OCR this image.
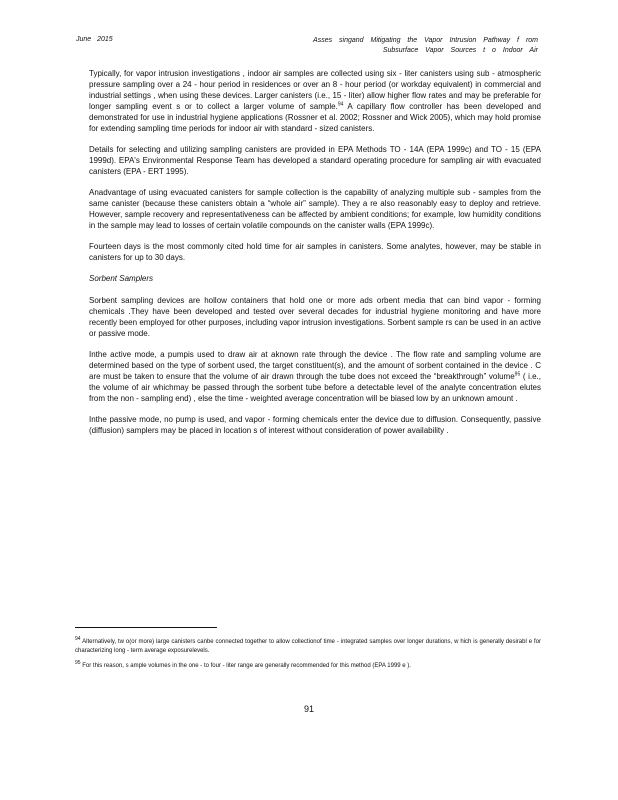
June 2015	Asses singand Mitigating the Vapor Intrusion Pathway f rom
Subsurface Vapor Sources t o Indoor Air

Typically, for vapor intrusion investigations , indoor air samples are collected using six - liter canisters using sub - atmospheric pressure sampling over a 24 - hour period in residences or over an 8 - hour period (or workday equivalent) in commercial and industrial settings , when using these devices. Larger canisters (i.e., 15 - liter) allow higher flow rates and may be preferable for longer sampling event s or to collect a larger volume of sample.$^{94}$ A capillary flow controller has been developed and demonstrated for use in industrial hygiene applications (Rossner et al. 2002; Rossner and Wick 2005), which may hold promise for extending sampling time periods for indoor air with standard - sized canisters.

Details for selecting and utilizing sampling canisters are provided in EPA Methods TO - 14A (EPA 1999c) and TO - 15 (EPA 1999d). EPA's Environmental Response Team has developed a standard operating procedure for sampling air with evacuated canisters (EPA - ERT 1995).

Anadvantage of using evacuated canisters for sample collection is the capability of analyzing multiple sub - samples from the same canister (because these canisters obtain a “whole air” sample). They a re also reasonably easy to deploy and retrieve. However, sample recovery and representativeness can be affected by ambient conditions; for example, low humidity conditions in the sample may lead to losses of certain volatile compounds on the canister walls (EPA 1999c).

Fourteen days is the most commonly cited hold time for air samples in canisters. Some analytes, however, may be stable in canisters for up to 30 days.

Sorbent Samplers

Sorbent sampling devices are hollow containers that hold one or more ads orbent media that can bind vapor - forming chemicals .They have been developed and tested over several decades for industrial hygiene monitoring and have more recently been employed for other purposes, including vapor intrusion investigations. Sorbent sample rs can be used in an active or passive mode.

Inthe active mode, a pumpis used to draw air at aknown rate through the device . The flow rate and sampling volume are determined based on the type of sorbent used, the target constituent(s), and the amount of sorbent contained in the device . C are must be taken to ensure that the volume of air drawn through the tube does not exceed the “breakthrough” volume$^{95}$ ( i.e., the volume of air whichmay be passed through the sorbent tube before a detectable level of the analyte concentration elutes from the non - sampling end) , else the time - weighted average concentration will be biased low by an unknown amount .

Inthe passive mode, no pump is used, and vapor - forming chemicals enter the device due to diffusion. Consequently, passive (diffusion) samplers may be placed in location s of interest without consideration of power availability .

$^{94}$ Alternatively, tw o(or more) large canisters canbe connected together to allow collectionof time - integrated samples over longer durations, w hich is generally desirabl e for characterizing long - term average exposurelevels.

$^{95}$ For this reason, s ample volumes in the one - to four - liter range are generally recommended for this method (EPA 1999 e ).

91
